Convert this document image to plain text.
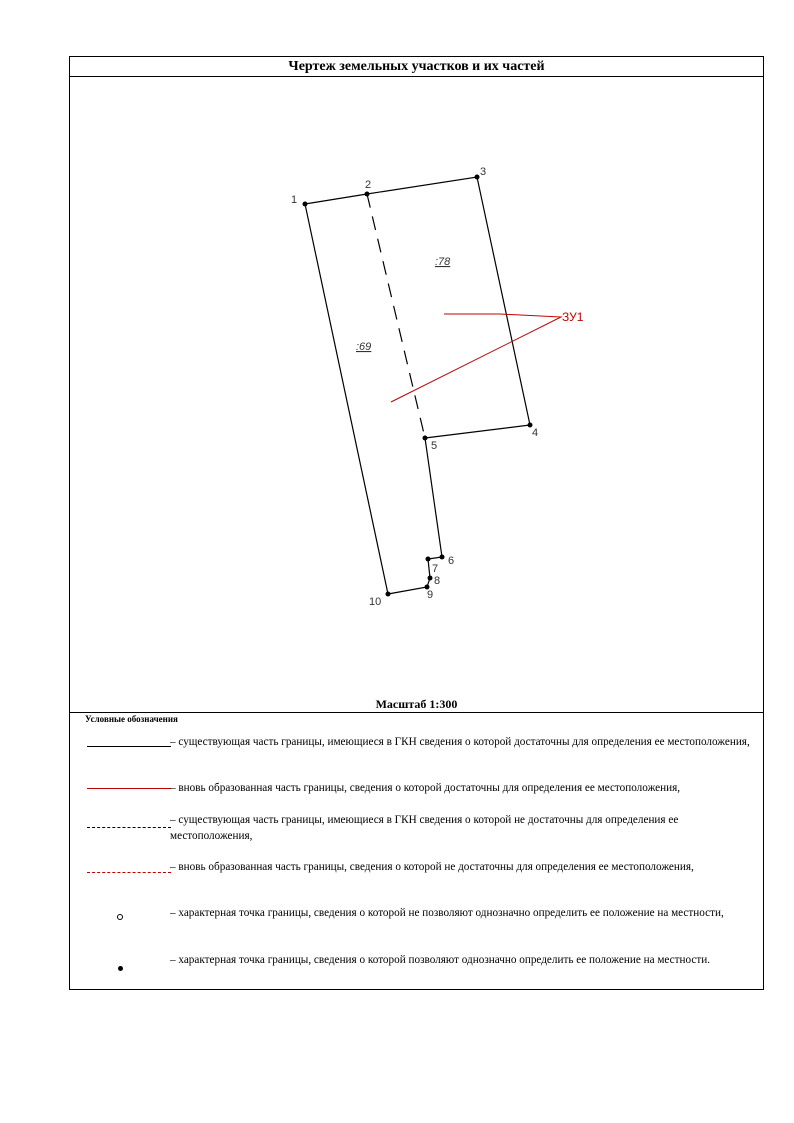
Чертеж земельных участков и их частей
1
2
3
4
5
6
7
8
9
10
:78
:69
ЗУ1
Масштаб 1:300
Условные обозначения
– существующая часть границы, имеющиеся в ГКН сведения о которой достаточны для определения ее местоположения,
– вновь образованная часть границы, сведения о которой достаточны для определения ее местоположения,
– существующая часть границы, имеющиеся в ГКН сведения о которой не достаточны для определения ее местоположения,
– вновь образованная часть границы, сведения о которой не достаточны для определения ее местоположения,
– характерная точка границы, сведения о которой не позволяют однозначно определить ее положение на местности,
– характерная точка границы, сведения о которой позволяют однозначно определить ее положение на местности.
